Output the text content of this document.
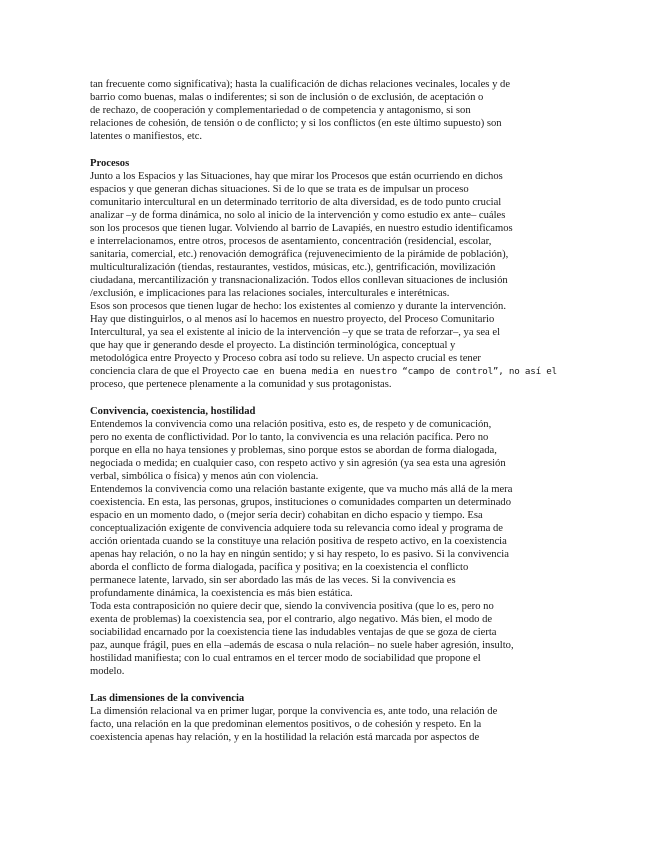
tan frecuente como significativa); hasta la cualificación de dichas relaciones vecinales, locales y de
barrio como buenas, malas o indiferentes; si son de inclusión o de exclusión, de aceptación o
de rechazo, de cooperación y complementariedad o de competencia y antagonismo, si son
relaciones de cohesión, de tensión o de conflicto; y si los conflictos (en este último supuesto) son
latentes o manifiestos, etc.
Procesos
Junto a los Espacios y las Situaciones, hay que mirar los Procesos que están ocurriendo en dichos
espacios y que generan dichas situaciones. Si de lo que se trata es de impulsar un proceso
comunitario intercultural en un determinado territorio de alta diversidad, es de todo punto crucial
analizar –y de forma dinámica, no solo al inicio de la intervención y como estudio ex ante– cuáles
son los procesos que tienen lugar. Volviendo al barrio de Lavapiés, en nuestro estudio identificamos
e interrelacionamos, entre otros, procesos de asentamiento, concentración (residencial, escolar,
sanitaria, comercial, etc.) renovación demográfica (rejuvenecimiento de la pirámide de población),
multiculturalización (tiendas, restaurantes, vestidos, músicas, etc.), gentrificación, movilización
ciudadana, mercantilización y transnacionalización. Todos ellos conllevan situaciones de inclusión
/exclusión, e implicaciones para las relaciones sociales, interculturales e interétnicas.
Esos son procesos que tienen lugar de hecho: los existentes al comienzo y durante la intervención.
Hay que distinguirlos, o al menos así lo hacemos en nuestro proyecto, del Proceso Comunitario
Intercultural, ya sea el existente al inicio de la intervención –y que se trata de reforzar–, ya sea el
que hay que ir generando desde el proyecto. La distinción terminológica, conceptual y
metodológica entre Proyecto y Proceso cobra así todo su relieve. Un aspecto crucial es tener
conciencia clara de que el Proyecto cae en buena media en nuestro “campo de control”, no así el
proceso, que pertenece plenamente a la comunidad y sus protagonistas.
Convivencia, coexistencia, hostilidad
Entendemos la convivencia como una relación positiva, esto es, de respeto y de comunicación,
pero no exenta de conflictividad. Por lo tanto, la convivencia es una relación pacífica. Pero no
porque en ella no haya tensiones y problemas, sino porque estos se abordan de forma dialogada,
negociada o medida; en cualquier caso, con respeto activo y sin agresión (ya sea esta una agresión
verbal, simbólica o física) y menos aún con violencia.
Entendemos la convivencia como una relación bastante exigente, que va mucho más allá de la mera
coexistencia. En esta, las personas, grupos, instituciones o comunidades comparten un determinado
espacio en un momento dado, o (mejor sería decir) cohabitan en dicho espacio y tiempo. Esa
conceptualización exigente de convivencia adquiere toda su relevancia como ideal y programa de
acción orientada cuando se la constituye una relación positiva de respeto activo, en la coexistencia
apenas hay relación, o no la hay en ningún sentido; y si hay respeto, lo es pasivo. Si la convivencia
aborda el conflicto de forma dialogada, pacífica y positiva; en la coexistencia el conflicto
permanece latente, larvado, sin ser abordado las más de las veces. Si la convivencia es
profundamente dinámica, la coexistencia es más bien estática.
Toda esta contraposición no quiere decir que, siendo la convivencia positiva (que lo es, pero no
exenta de problemas) la coexistencia sea, por el contrario, algo negativo. Más bien, el modo de
sociabilidad encarnado por la coexistencia tiene las indudables ventajas de que se goza de cierta
paz, aunque frágil, pues en ella –además de escasa o nula relación– no suele haber agresión, insulto,
hostilidad manifiesta; con lo cual entramos en el tercer modo de sociabilidad que propone el
modelo.
Las dimensiones de la convivencia
La dimensión relacional va en primer lugar, porque la convivencia es, ante todo, una relación de
facto, una relación en la que predominan elementos positivos, o de cohesión y respeto. En la
coexistencia apenas hay relación, y en la hostilidad la relación está marcada por aspectos de
